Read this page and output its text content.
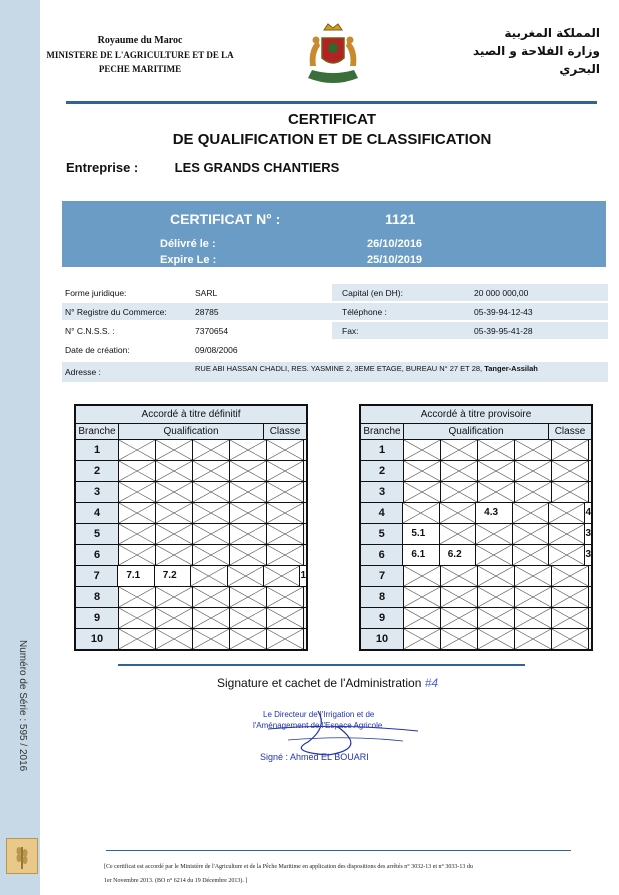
Numéro de Série : 595 / 2016
Royaume du Maroc
MINISTERE DE L'AGRICULTURE ET DE LA
PECHE MARITIME
المملكة المغربية
وزارة الفلاحة و الصيد البحري
CERTIFICAT
DE QUALIFICATION ET DE CLASSIFICATION
Entreprise :	LES GRANDS CHANTIERS
CERTIFICAT N° :	1121
Délivré le :	26/10/2016
Expire Le :	25/10/2019
Forme juridique:	SARL	Capital (en DH):	20 000 000,00
N° Registre du Commerce:	28785	Téléphone :	05-39-94-12-43
N° C.N.S.S. :	7370654	Fax:	05-39-95-41-28
Date de création:	09/08/2006
Adresse :	RUE ABI HASSAN CHADLI, RES. YASMINE 2, 3EME ETAGE, BUREAU N° 27 ET 28, Tanger-Assilah
Accordé à titre définitif
Branche	Qualification	Classe
1
2
3
4
5
6
7	7.1 7.2	1
8
9
10
Accordé à titre provisoire
Branche	Qualification	Classe
1
2
3
4	4.3	4
5	5.1	3
6	6.1 6.2	3
7
8
9
10
Signature et cachet de l'Administration #4
Le Directeur de l'Irrigation et de
l'Aménagement de l'Espace Agricole
Signé : Ahmed EL BOUARI
[Ce certificat est accordé par le Ministère de l'Agriculture et de la Pêche Maritime en application des dispositions des arrêtés n° 3032-13 et n° 3033-13 du
1er Novembre 2013. (BO n° 6214 du 19 Décembre 2013). ]
